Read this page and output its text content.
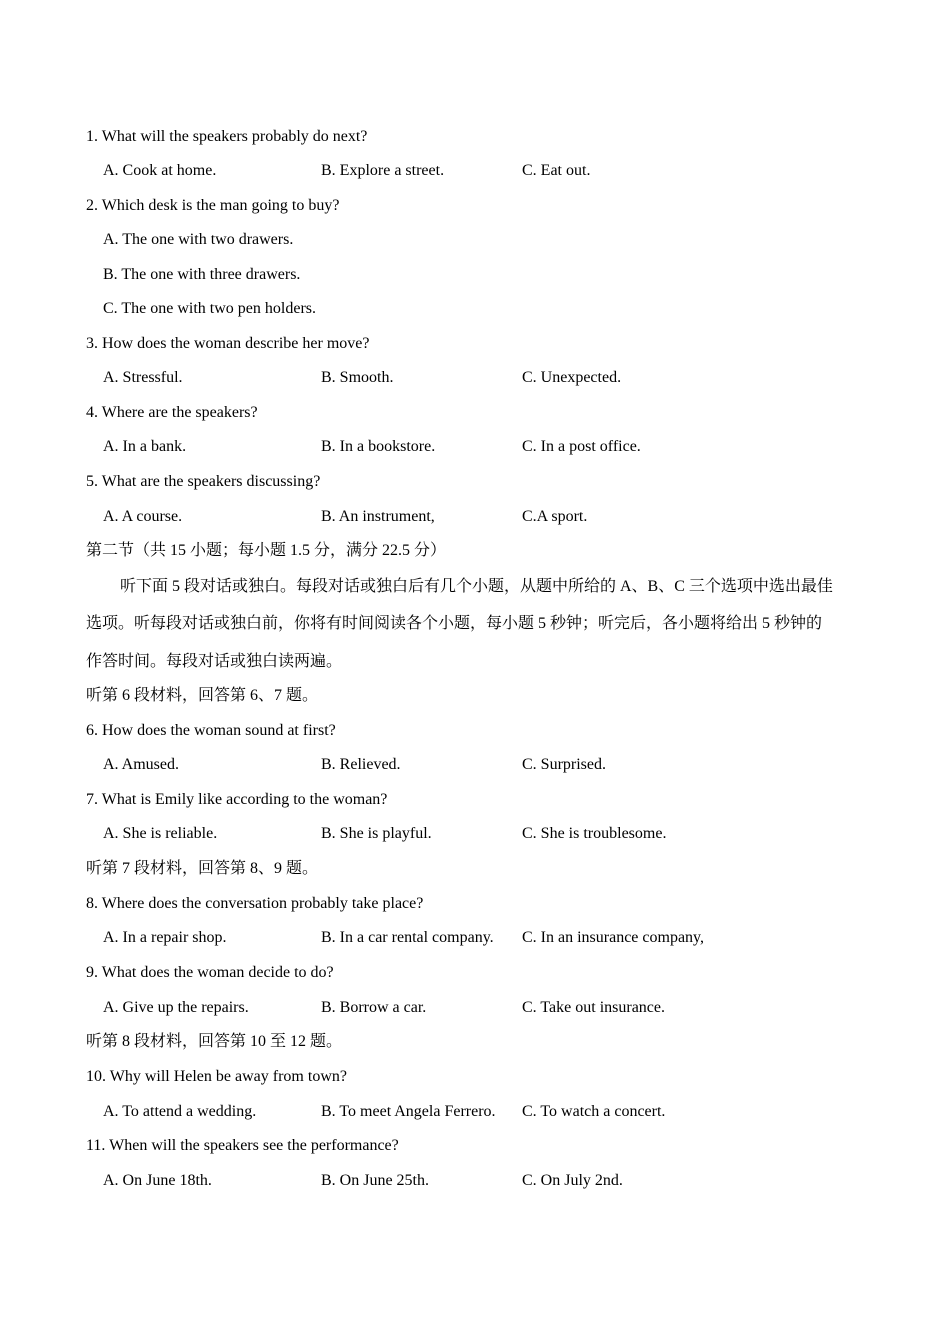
1. What will the speakers probably do next?
A. Cook at home.	B. Explore a street.	C. Eat out.
2. Which desk is the man going to buy?
A. The one with two drawers.
B. The one with three drawers.
C. The one with two pen holders.
3. How does the woman describe her move?
A. Stressful.	B. Smooth.	C. Unexpected.
4. Where are the speakers?
A. In a bank.	B. In a bookstore.	C. In a post office.
5. What are the speakers discussing?
A. A course.	B. An instrument,	C.A sport.
第二节（共 15 小题；每小题 1.5 分，满分 22.5 分）
听下面 5 段对话或独白。每段对话或独白后有几个小题，从题中所给的 A、B、C 三个选项中选出最佳
选项。听每段对话或独白前，你将有时间阅读各个小题，每小题 5 秒钟；听完后，各小题将给出 5 秒钟的
作答时间。每段对话或独白读两遍。
听第 6 段材料，回答第 6、7 题。
6. How does the woman sound at first?
A. Amused.	B. Relieved.	C. Surprised.
7. What is Emily like according to the woman?
A. She is reliable.	B. She is playful.	C. She is troublesome.
听第 7 段材料，回答第 8、9 题。
8. Where does the conversation probably take place?
A. In a repair shop.	B. In a car rental company. C. In an insurance company,
9. What does the woman decide to do?
A. Give up the repairs.	B. Borrow a car.	C. Take out insurance.
听第 8 段材料，回答第 10 至 12 题。
10. Why will Helen be away from town?
A. To attend a wedding.	B. To meet Angela Ferrero. C. To watch a concert.
11. When will the speakers see the performance?
A. On June 18th.	B. On June 25th.	C. On July 2nd.
